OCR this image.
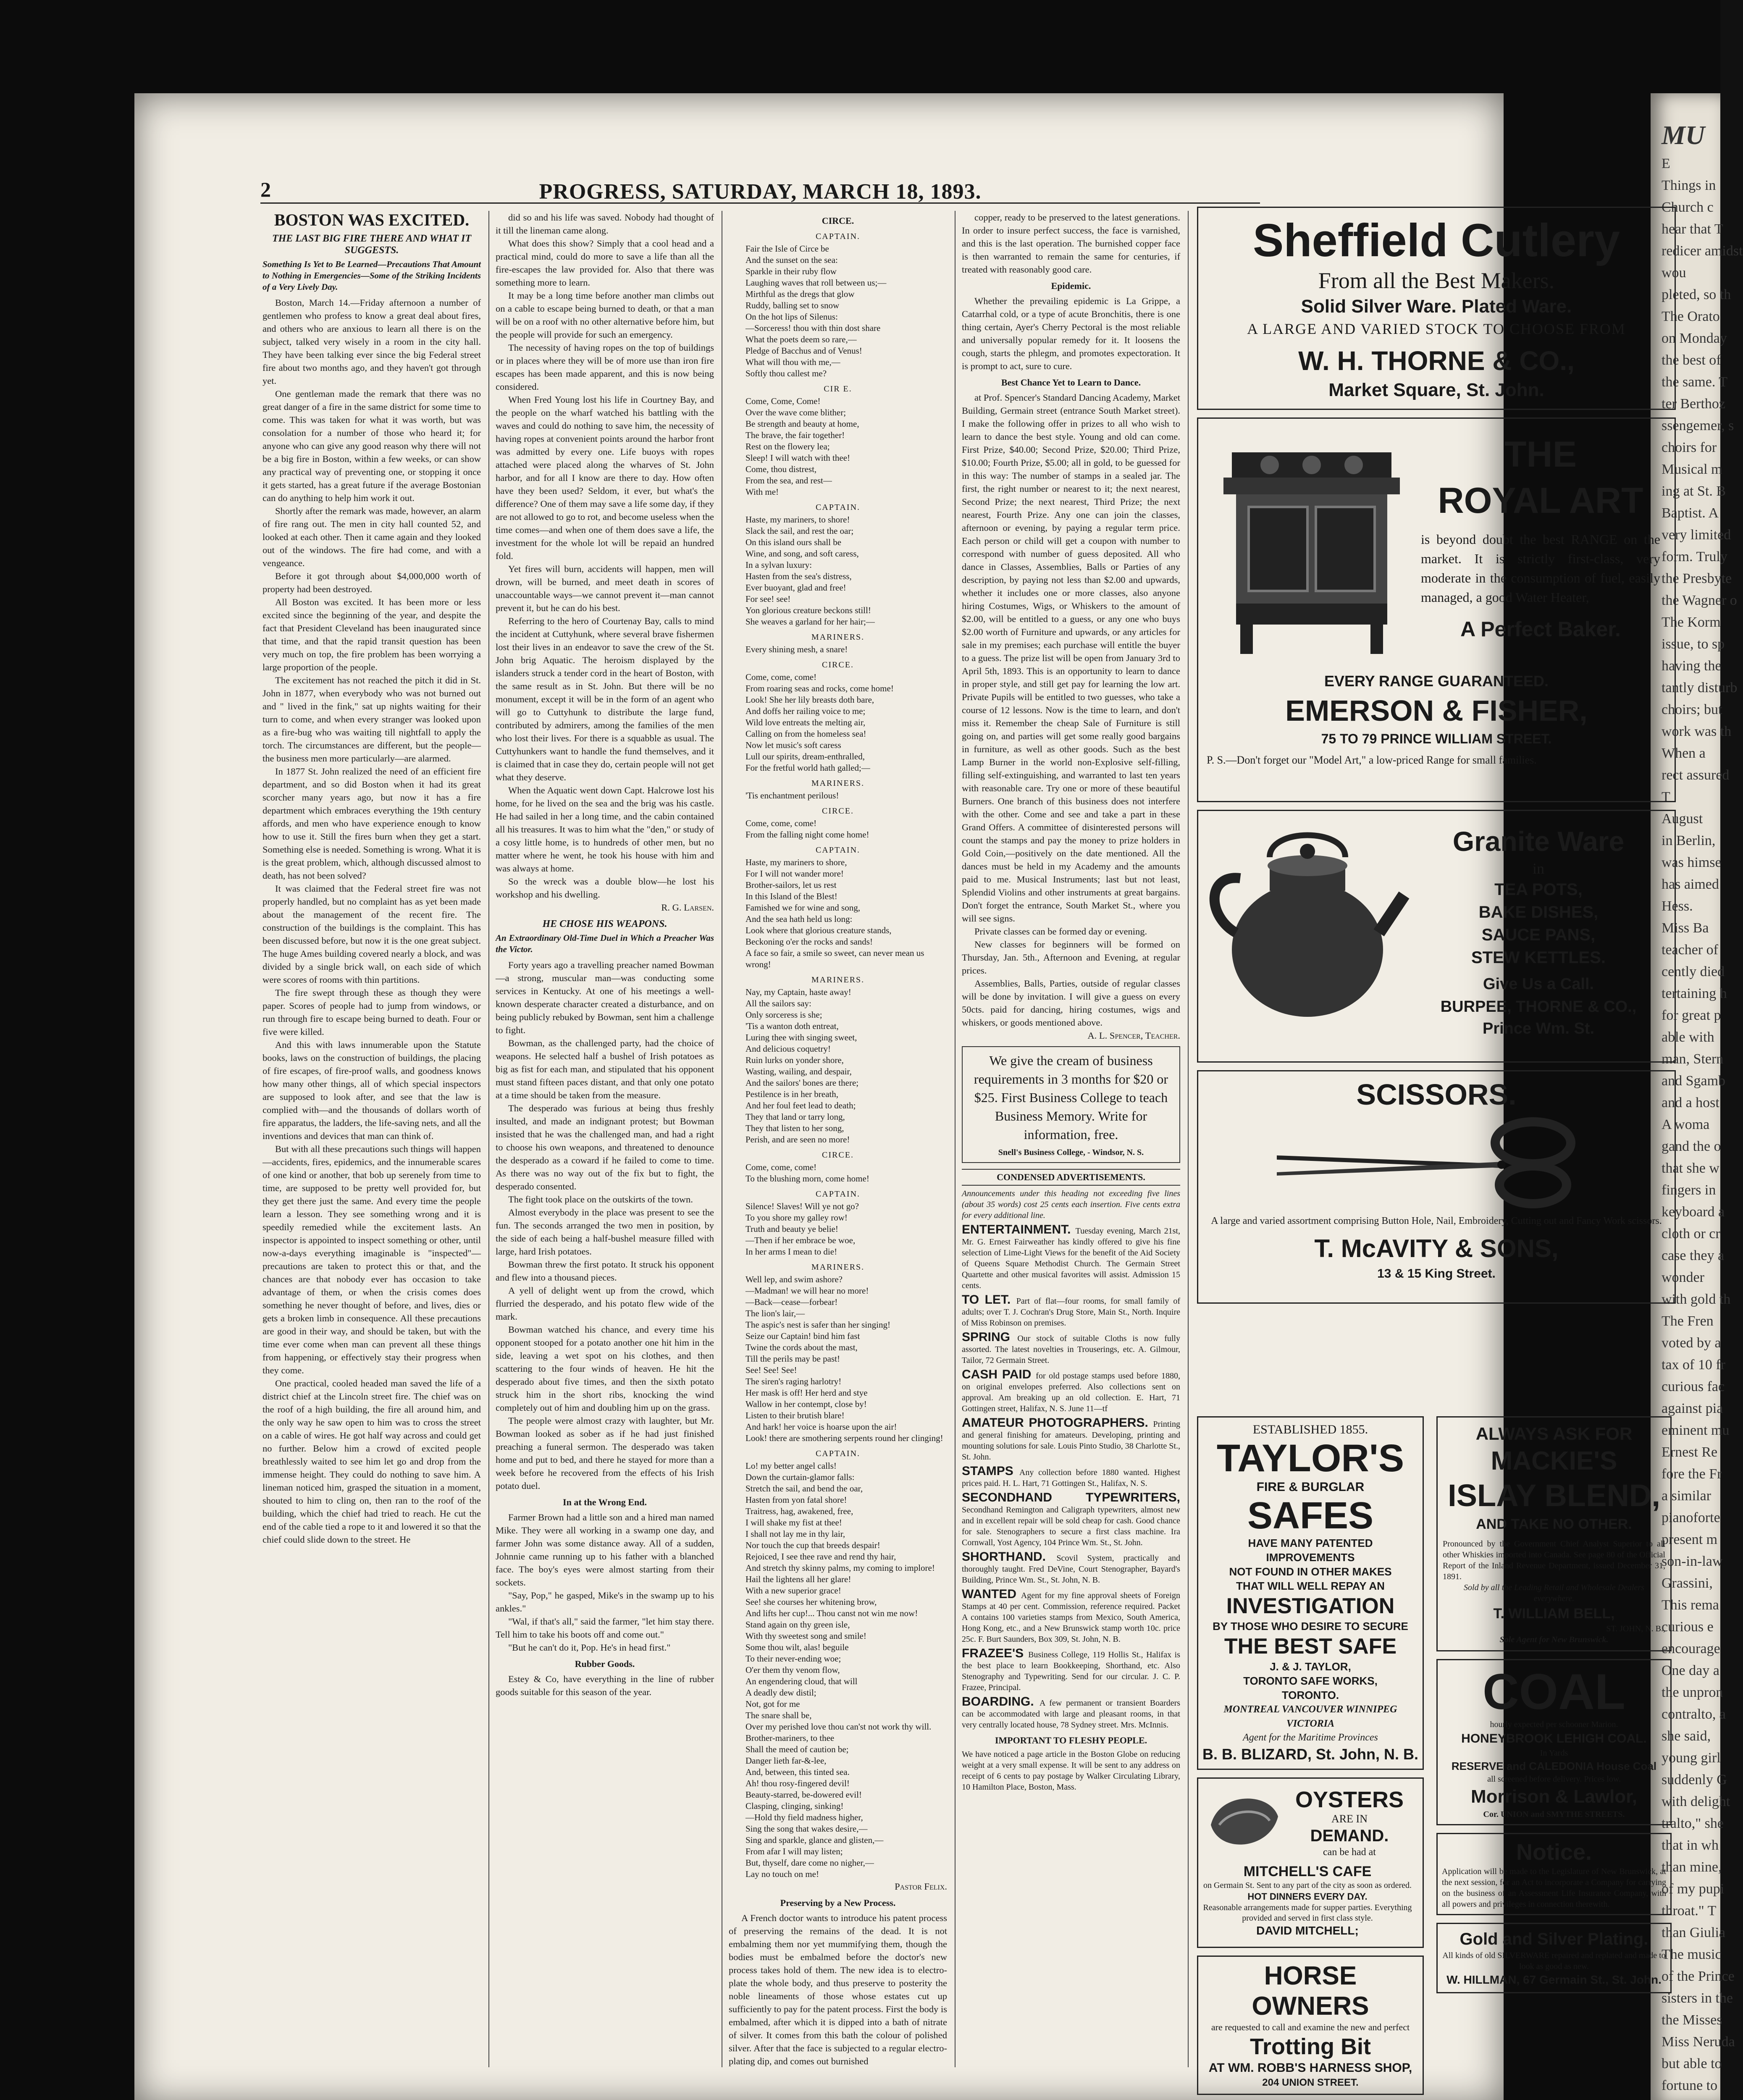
MU
E
Things in
Church c
hear that T
redicer amidst
wou
pleted, so th
The Orato
on Monday
the best of
the same. T
ter Berthoz
ssengemer, s
choirs for
Musical m
ing at St. B
Baptist. A
very limited
form. Truly
the Presbyte
the Wagner o
The Korm
issue, to sp
having the
tantly disturb
choirs; but
work was th
When a
rect assured
T
August
in Berlin,
was himse
has aimed
Hess.
Miss Ba
teacher of
cently died
tertaining h
for great p
able with
man, Stern
and Sgamb
and a host
A woma
gand the o
that she w
fingers in
keyboard a
cloth or cr
case they a
wonder
with gold th
The Fren
voted by a
tax of 10 fr
curious fac
against pia
eminent mu
Ernest Re
fore the Fr
a similar
pianoforte
present m
son-in-law
Grassini,
This rema
curious e
encourage
One day a
the unpron
contralto, a
she said,
young girl
suddenly G
with delight
tralto," she
that in wh
than mine,
of my pupi
throat." T
than Giulia
The music
of the Prince
sisters in the
the Misses
Miss Neruda
but able to
fortune to
2	PROGRESS, SATURDAY, MARCH 18, 1893.
BOSTON WAS EXCITED.
THE LAST BIG FIRE THERE AND WHAT IT SUGGESTS.

Something Is Yet to Be Learned—Precautions That Amount to Nothing in Emergencies—Some of the Striking Incidents of a Very Lively Day.

Boston, March 14.—Friday afternoon a number of gentlemen who profess to know a great deal about fires, and others who are anxious to learn all there is on the subject, talked very wisely in a room in the city hall. They have been talking ever since the big Federal street fire about two months ago, and they haven't got through yet.

One gentleman made the remark that there was no great danger of a fire in the same district for some time to come. This was taken for what it was worth, but was consolation for a number of those who heard it; for anyone who can give any good reason why there will not be a big fire in Boston, within a few weeks, or can show any practical way of preventing one, or stopping it once it gets started, has a great future if the average Bostonian can do anything to help him work it out.

Shortly after the remark was made, however, an alarm of fire rang out. The men in city hall counted 52, and looked at each other. Then it came again and they looked out of the windows. The fire had come, and with a vengeance.

Before it got through about $4,000,000 worth of property had been destroyed.

All Boston was excited. It has been more or less excited since the beginning of the year, and despite the fact that President Cleveland has been inaugurated since that time, and that the rapid transit question has been very much on top, the fire problem has been worrying a large proportion of the people.

The excitement has not reached the pitch it did in St. John in 1877, when everybody who was not burned out and " lived in the fink," sat up nights waiting for their turn to come, and when every stranger was looked upon as a fire-bug who was waiting till nightfall to apply the torch. The circumstances are different, but the people—the business men more particularly—are alarmed.

In 1877 St. John realized the need of an efficient fire department, and so did Boston when it had its great scorcher many years ago, but now it has a fire department which embraces everything the 19th century affords, and men who have experience enough to know how to use it. Still the fires burn when they get a start. Something else is needed. Something is wrong. What it is is the great problem, which, although discussed almost to death, has not been solved?

It was claimed that the Federal street fire was not properly handled, but no complaint has as yet been made about the management of the recent fire. The construction of the buildings is the complaint. This has been discussed before, but now it is the one great subject. The huge Ames building covered nearly a block, and was divided by a single brick wall, on each side of which were scores of rooms with thin partitions.

The fire swept through these as though they were paper. Scores of people had to jump from windows, or run through fire to escape being burned to death. Four or five were killed.

And this with laws innumerable upon the Statute books, laws on the construction of buildings, the placing of fire escapes, of fire-proof walls, and goodness knows how many other things, all of which special inspectors are supposed to look after, and see that the law is complied with—and the thousands of dollars worth of fire apparatus, the ladders, the life-saving nets, and all the inventions and devices that man can think of.

But with all these precautions such things will happen—accidents, fires, epidemics, and the innumerable scares of one kind or another, that bob up serenely from time to time, are supposed to be pretty well provided for, but they get there just the same. And every time the people learn a lesson. They see something wrong and it is speedily remedied while the excitement lasts. An inspector is appointed to inspect something or other, until now-a-days everything imaginable is "inspected"—precautions are taken to protect this or that, and the chances are that nobody ever has occasion to take advantage of them, or when the crisis comes does something he never thought of before, and lives, dies or gets a broken limb in consequence. All these precautions are good in their way, and should be taken, but with the time ever come when man can prevent all these things from happening, or effectively stay their progress when they come.

One practical, cooled headed man saved the life of a district chief at the Lincoln street fire. The chief was on the roof of a high building, the fire all around him, and the only way he saw open to him was to cross the street on a cable of wires. He got half way across and could get no further. Below him a crowd of excited people breathlessly waited to see him let go and drop from the immense height. They could do nothing to save him. A lineman noticed him, grasped the situation in a moment, shouted to him to cling on, then ran to the roof of the building, which the chief had tried to reach. He cut the end of the cable tied a rope to it and lowered it so that the chief could slide down to the street. He

did so and his life was saved. Nobody had thought of it till the lineman came along.

What does this show? Simply that a cool head and a practical mind, could do more to save a life than all the fire-escapes the law provided for. Also that there was something more to learn.

It may be a long time before another man climbs out on a cable to escape being burned to death, or that a man will be on a roof with no other alternative before him, but the people will provide for such an emergency.

The necessity of having ropes on the top of buildings or in places where they will be of more use than iron fire escapes has been made apparent, and this is now being considered.

When Fred Young lost his life in Courtney Bay, and the people on the wharf watched his battling with the waves and could do nothing to save him, the necessity of having ropes at convenient points around the harbor front was admitted by every one. Life buoys with ropes attached were placed along the wharves of St. John harbor, and for all I know are there to day. How often have they been used? Seldom, it ever, but what's the difference? One of them may save a life some day, if they are not allowed to go to rot, and become useless when the time comes—and when one of them does save a life, the investment for the whole lot will be repaid an hundred fold.

Yet fires will burn, accidents will happen, men will drown, will be burned, and meet death in scores of unaccountable ways—we cannot prevent it—man cannot prevent it, but he can do his best.

Referring to the hero of Courtenay Bay, calls to mind the incident at Cuttyhunk, where several brave fishermen lost their lives in an endeavor to save the crew of the St. John brig Aquatic. The heroism displayed by the islanders struck a tender cord in the heart of Boston, with the same result as in St. John. But there will be no monument, except it will be in the form of an agent who will go to Cuttyhunk to distribute the large fund, contributed by admirers, among the families of the men who lost their lives. For there is a squabble as usual. The Cuttyhunkers want to handle the fund themselves, and it is claimed that in case they do, certain people will not get what they deserve.

When the Aquatic went down Capt. Halcrowe lost his home, for he lived on the sea and the brig was his castle. He had sailed in her a long time, and the cabin contained all his treasures. It was to him what the "den," or study of a cosy little home, is to hundreds of other men, but no matter where he went, he took his house with him and was always at home.

So the wreck was a double blow—he lost his workshop and his dwelling.

R. G. Larsen.

HE CHOSE HIS WEAPONS.

An Extraordinary Old-Time Duel in Which a Preacher Was the Victor.

Forty years ago a travelling preacher named Bowman—a strong, muscular man—was conducting some services in Kentucky. At one of his meetings a well-known desperate character created a disturbance, and on being publicly rebuked by Bowman, sent him a challenge to fight.

Bowman, as the challenged party, had the choice of weapons. He selected half a bushel of Irish potatoes as big as fist for each man, and stipulated that his opponent must stand fifteen paces distant, and that only one potato at a time should be taken from the measure.

The desperado was furious at being thus freshly insulted, and made an indignant protest; but Bowman insisted that he was the challenged man, and had a right to choose his own weapons, and threatened to denounce the desperado as a coward if he failed to come to time. As there was no way out of the fix but to fight, the desperado consented.

The fight took place on the outskirts of the town.

Almost everybody in the place was present to see the fun. The seconds arranged the two men in position, by the side of each being a half-bushel measure filled with large, hard Irish potatoes.

Bowman threw the first potato. It struck his opponent and flew into a thousand pieces.

A yell of delight went up from the crowd, which flurried the desperado, and his potato flew wide of the mark.

Bowman watched his chance, and every time his opponent stooped for a potato another one hit him in the side, leaving a wet spot on his clothes, and then scattering to the four winds of heaven. He hit the desperado about five times, and then the sixth potato struck him in the short ribs, knocking the wind completely out of him and doubling him up on the grass.

The people were almost crazy with laughter, but Mr. Bowman looked as sober as if he had just finished preaching a funeral sermon. The desperado was taken home and put to bed, and there he stayed for more than a week before he recovered from the effects of his Irish potato duel.

In at the Wrong End.

Farmer Brown had a little son and a hired man named Mike. They were all working in a swamp one day, and farmer John was some distance away. All of a sudden, Johnnie came running up to his father with a blanched face. The boy's eyes were almost starting from their sockets.

"Say, Pop," he gasped, Mike's in the swamp up to his ankles."

"Wal, if that's all," said the farmer, "let him stay there. Tell him to take his boots off and come out."

"But he can't do it, Pop. He's in head first."

Rubber Goods.

Estey & Co, have everything in the line of rubber goods suitable for this season of the year.

CIRCE.
CAPTAIN.
Fair the Isle of Circe be
And the sunset on the sea:
Sparkle in their ruby flow
Laughing waves that roll between us;—
Mirthful as the dregs that glow
Ruddy, balling set to snow
On the hot lips of Silenus:
—Sorceress! thou with thin dost share
What the poets deem so rare,—
Pledge of Bacchus and of Venus!
What will thou with me,—
Softly thou callest me?
CIR E.
Come, Come, Come!
Over the wave come blither;
Be strength and beauty at home,
The brave, the fair together!
Rest on the flowery lea;
Sleep! I will watch with thee!
Come, thou distrest,
From the sea, and rest—
With me!
CAPTAIN.
Haste, my mariners, to shore!
Slack the sail, and rest the oar;
On this island ours shall be
Wine, and song, and soft caress,
In a sylvan luxury:
Hasten from the sea's distress,
Ever buoyant, glad and free!
For see! see!
Yon glorious creature beckons still!
She weaves a garland for her hair;—
MARINERS.
Every shining mesh, a snare!
CIRCE.
Come, come, come!
From roaring seas and rocks, come home!
Look! She her lily breasts doth bare,
And doffs her railing voice to me;
Wild love entreats the melting air,
Calling on from the homeless sea!
Now let music's soft caress
Lull our spirits, dream-enthralled,
For the fretful world hath galled;—
MARINERS.
'Tis enchantment perilous!
CIRCE.
Come, come, come!
From the falling night come home!
CAPTAIN.
Haste, my mariners to shore,
For I will not wander more!
Brother-sailors, let us rest
In this Island of the Blest!
Famished we for wine and song,
And the sea hath held us long:
Look where that glorious creature stands,
Beckoning o'er the rocks and sands!
A face so fair, a smile so sweet, can never mean us wrong!
MARINERS.
Nay, my Captain, haste away!
All the sailors say:
Only sorceress is she;
'Tis a wanton doth entreat,
Luring thee with singing sweet,
And delicious coquetry!
Ruin lurks on yonder shore,
Wasting, wailing, and despair,
And the sailors' bones are there;
Pestilence is in her breath,
And her foul feet lead to death;
They that land or tarry long,
They that listen to her song,
Perish, and are seen no more!
CIRCE.
Come, come, come!
To the blushing morn, come home!
CAPTAIN.
Silence! Slaves! Will ye not go?
To you shore my galley row!
Truth and beauty ye belie!
—Then if her embrace be woe,
In her arms I mean to die!
MARINERS.
Well lep, and swim ashore?
—Madman! we will hear no more!
—Back—cease—forbear!
The lion's lair,—
The aspic's nest is safer than her singing!
Seize our Captain! bind him fast
Twine the cords about the mast,
Till the perils may be past!
See! See! See!
The siren's raging harlotry!
Her mask is off! Her herd and stye
Wallow in her contempt, close by!
Listen to their brutish blare!
And hark! her voice is hoarse upon the air!
Look! there are smothering serpents round her clinging!
CAPTAIN.
Lo! my better angel calls!
Down the curtain-glamor falls:
Stretch the sail, and bend the oar,
Hasten from yon fatal shore!
Traitress, hag, awakened, free,
I will shake my fist at thee!
I shall not lay me in thy lair,
Nor touch the cup that breeds despair!
Rejoiced, I see thee rave and rend thy hair,
And stretch thy skinny palms, my coming to implore!
Hail the lightens all her glare!
With a new superior grace!
See! she courses her whitening brow,
And lifts her cup!... Thou canst not win me now!
Stand again on thy green isle,
With thy sweetest song and smile!
Some thou wilt, alas! beguile
To their never-ending woe;
O'er them thy venom flow,
An engendering cloud, that will
A deadly dew distil;
Not, got for me
The snare shall be,
Over my perished love thou can'st not work thy will.
Brother-mariners, to thee
Shall the meed of caution be;
Danger lieth far-&-lee,
And, between, this tinted sea.
Ah! thou rosy-fingered devil!
Beauty-starred, be-dowered evil!
Clasping, clinging, sinking!
—Hold thy field madness higher,
Sing the song that wakes desire,—
Sing and sparkle, glance and glisten,—
From afar I will may listen;
But, thyself, dare come no nigher,—
Lay no touch on me!

Pastor Felix.

Preserving by a New Process.

A French doctor wants to introduce his patent process of preserving the remains of the dead. It is not embalming them nor yet mummifying them, though the bodies must be embalmed before the doctor's new process takes hold of them. The new idea is to electro-plate the whole body, and thus preserve to posterity the noble lineaments of those whose estates cut up sufficiently to pay for the patent process. First the body is embalmed, after which it is dipped into a bath of nitrate of silver. It comes from this bath the colour of polished silver. After that the face is subjected to a regular electro-plating dip, and comes out burnished

copper, ready to be preserved to the latest generations. In order to insure perfect success, the face is varnished, and this is the last operation. The burnished copper face is then warranted to remain the same for centuries, if treated with reasonably good care.

Epidemic.

Whether the prevailing epidemic is La Grippe, a Catarrhal cold, or a type of acute Bronchitis, there is one thing certain, Ayer's Cherry Pectoral is the most reliable and universally popular remedy for it. It loosens the cough, starts the phlegm, and promotes expectoration. It is prompt to act, sure to cure.

Best Chance Yet to Learn to Dance.

at Prof. Spencer's Standard Dancing Academy, Market Building, Germain street (entrance South Market street). I make the following offer in prizes to all who wish to learn to dance the best style. Young and old can come. First Prize, $40.00; Second Prize, $20.00; Third Prize, $10.00; Fourth Prize, $5.00; all in gold, to be guessed for in this way: The number of stamps in a sealed jar. The first, the right number or nearest to it; the next nearest, Second Prize; the next nearest, Third Prize; the next nearest, Fourth Prize. Any one can join the classes, afternoon or evening, by paying a regular term price. Each person or child will get a coupon with number to correspond with number of guess deposited. All who dance in Classes, Assemblies, Balls or Parties of any description, by paying not less than $2.00 and upwards, whether it includes one or more classes, also anyone hiring Costumes, Wigs, or Whiskers to the amount of $2.00, will be entitled to a guess, or any one who buys $2.00 worth of Furniture and upwards, or any articles for sale in my premises; each purchase will entitle the buyer to a guess. The prize list will be open from January 3rd to April 5th, 1893. This is an opportunity to learn to dance in proper style, and still get pay for learning the low art. Private Pupils will be entitled to two guesses, who take a course of 12 lessons. Now is the time to learn, and don't miss it. Remember the cheap Sale of Furniture is still going on, and parties will get some really good bargains in furniture, as well as other goods. Such as the best Lamp Burner in the world non-Explosive self-filling, filling self-extinguishing, and warranted to last ten years with reasonable care. Try one or more of these beautiful Burners. One branch of this business does not interfere with the other. Come and see and take a part in these Grand Offers. A committee of disinterested persons will count the stamps and pay the money to prize holders in Gold Coin,—positively on the date mentioned. All the dances must be held in my Academy and the amounts paid to me. Musical Instruments; last but not least, Splendid Violins and other instruments at great bargains. Don't forget the entrance, South Market St., where you will see signs.

Private classes can be formed day or evening.

New classes for beginners will be formed on Thursday, Jan. 5th., Afternoon and Evening, at regular prices.

Assemblies, Balls, Parties, outside of regular classes will be done by invitation. I will give a guess on every 50cts. paid for dancing, hiring costumes, wigs and whiskers, or goods mentioned above.

A. L. Spencer, Teacher.

We give the cream of business requirements in 3 months for $20 or $25. First Business College to teach Business Memory. Write for information, free.
Snell's Business College, - Windsor, N. S.
CONDENSED ADVERTISEMENTS.

Announcements under this heading not exceeding five lines (about 35 words) cost 25 cents each insertion. Five cents extra for every additional line.

ENTERTAINMENT. Tuesday evening, March 21st, Mr. G. Ernest Fairweather has kindly offered to give his fine selection of Lime-Light Views for the benefit of the Aid Society of Queens Square Methodist Church. The Germain Street Quartette and other musical favorites will assist. Admission 15 cents.

TO LET. Part of flat—four rooms, for small family of adults; over T. J. Cochran's Drug Store, Main St., North. Inquire of Miss Robinson on premises.

SPRING Our stock of suitable Cloths is now fully assorted. The latest novelties in Trouserings, etc. A. Gilmour, Tailor, 72 Germain Street.

CASH PAID for old postage stamps used before 1880, on original envelopes preferred. Also collections sent on approval. Am breaking up an old collection. E. Hart, 71 Gottingen street, Halifax, N. S. June 11—tf

AMATEUR PHOTOGRAPHERS. Printing and general finishing for amateurs. Developing, printing and mounting solutions for sale. Louis Pinto Studio, 38 Charlotte St., St. John.

STAMPS Any collection before 1880 wanted. Highest prices paid. H. L. Hart, 71 Gottingen St., Halifax, N. S.

SECONDHAND TYPEWRITERS, Secondhand Remington and Caligraph typewriters, almost new and in excellent repair will be sold cheap for cash. Good chance for sale. Stenographers to secure a first class machine. Ira Cornwall, Yost Agency, 104 Prince Wm. St., St. John.

SHORTHAND. Scovil System, practically and thoroughly taught. Fred DeVine, Court Stenographer, Bayard's Building, Prince Wm. St., St. John, N. B.

WANTED Agent for my fine approval sheets of Foreign Stamps at 40 per cent. Commission, reference required. Packet A contains 100 varieties stamps from Mexico, South America, Hong Kong, etc., and a New Brunswick stamp worth 10c. price 25c. F. Burt Saunders, Box 309, St. John, N. B.

FRAZEE'S Business College, 119 Hollis St., Halifax is the best place to learn Bookkeeping, Shorthand, etc. Also Stenography and Typewriting. Send for our circular. J. C. P. Frazee, Principal.

BOARDING. A few permanent or transient Boarders can be accommodated with large and pleasant rooms, in that very centrally located house, 78 Sydney street. Mrs. McInnis.

IMPORTANT TO FLESHY PEOPLE.

We have noticed a page article in the Boston Globe on reducing weight at a very small expense. It will be sent to any address on receipt of 6 cents to pay postage by Walker Circulating Library, 10 Hamilton Place, Boston, Mass.

Sheffield Cutlery
From all the Best Makers.
Solid Silver Ware. Plated Ware.
A LARGE AND VARIED STOCK TO CHOOSE FROM
W. H. THORNE & CO.,
Market Square, St. John.
THE
ROYAL ART
is beyond doubt the best RANGE on the market. It is strictly first-class, very moderate in the consumption of fuel, easily managed, a good Water Heater,
A Perfect Baker.
EVERY RANGE GUARANTEED.
EMERSON & FISHER,
75 TO 79 PRINCE WILLIAM STREET.
P. S.—Don't forget our "Model Art," a low-priced Range for small families.
Granite Ware
in
TEA POTS,
BAKE DISHES,
SAUCE PANS,
STEW KETTLES.
Give Us a Call.
BURPEE, THORNE & CO.,
Prince Wm. St.
SCISSORS.
A large and varied assortment comprising Button Hole, Nail, Embroidery, Cutting out and Fancy Work scissors.
T. McAVITY & SONS,
13 & 15 King Street.
ESTABLISHED 1855.
TAYLOR'S
FIRE & BURGLAR
SAFES
HAVE MANY PATENTED IMPROVEMENTS
NOT FOUND IN OTHER MAKES
THAT WILL WELL REPAY AN
INVESTIGATION
BY THOSE WHO DESIRE TO SECURE
THE BEST SAFE
J. & J. TAYLOR,
TORONTO SAFE WORKS,
TORONTO.
MONTREAL VANCOUVER WINNIPEG VICTORIA
Agent for the Maritime Provinces
B. B. BLIZARD, St. John, N. B.
OYSTERS
ARE IN
DEMAND.
can be had at
MITCHELL'S CAFE
on Germain St. Sent to any part of the city as soon as ordered.
HOT DINNERS EVERY DAY.
Reasonable arrangements made for supper parties. Everything provided and served in first class style.
DAVID MITCHELL;
HORSE OWNERS
are requested to call and examine the new and perfect
Trotting Bit
AT WM. ROBB'S HARNESS SHOP,
204 UNION STREET.
ALWAYS ASK FOR
MACKIE'S
ISLAY BLEND,
AND TAKE NO OTHER.
Pronounced by the Government Chief Analyst Superior to all other Whiskies imported into Canada. See page 80 of the Official Report of the Inland Revenue Department, issued December 31, 1891.
Sold by all the Leading Retail and Wholesale Dealers everywhere.
T. WILLIAM BELL,
ST. JOHN, N. B.,
Sole Agent for New Brunswick.
COAL
hourly expected per schooner Marion.
HONEYBROOK LEHIGH COAL.
In Yards
RESERVE and CALEDONIA House Coal
all screened before delivery. Prices low.
Morrison & Lawlor,
Cor. UNION and SMYTHE STREETS.
Notice.
Application will be made to the Legislature of New Brunswick, at the next session, for an Act to incorporate a Company for carrying on the business of an Assessment Life Insurance Company, with all powers and privileges in connection therewith.
Gold and Silver Plating.
All kinds of old SILVERWARE repaired and replated and made to look as good as new.
W. HILLMAN, 67 Germain St., St. John.
